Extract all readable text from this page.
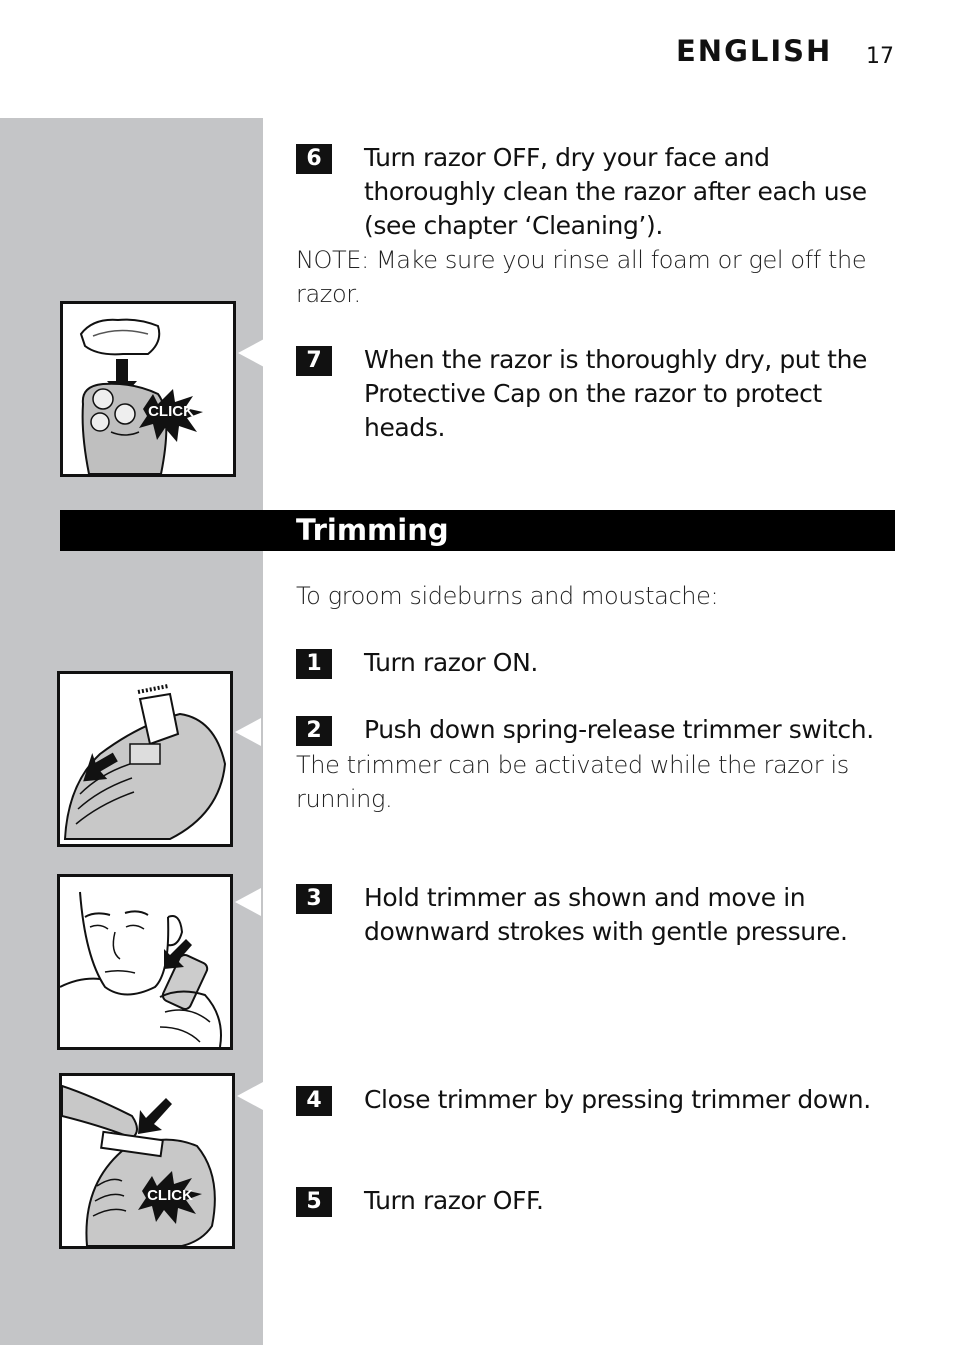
ENGLISH 17
CLICK
CLICK
6	Turn razor OFF, dry your face and thoroughly clean the razor after each use (see chapter ‘Cleaning’).
NOTE: Make sure you rinse all foam or gel off the razor.
7	When the razor is thoroughly dry, put the Protective Cap on the razor to protect heads.
Trimming
To groom sideburns and moustache:
1	Turn razor ON.
2	Push down spring-release trimmer switch.
The trimmer can be activated while the razor is running.
3	Hold trimmer as shown and move in downward strokes with gentle pressure.
4	Close trimmer by pressing trimmer down.
5	Turn razor OFF.
